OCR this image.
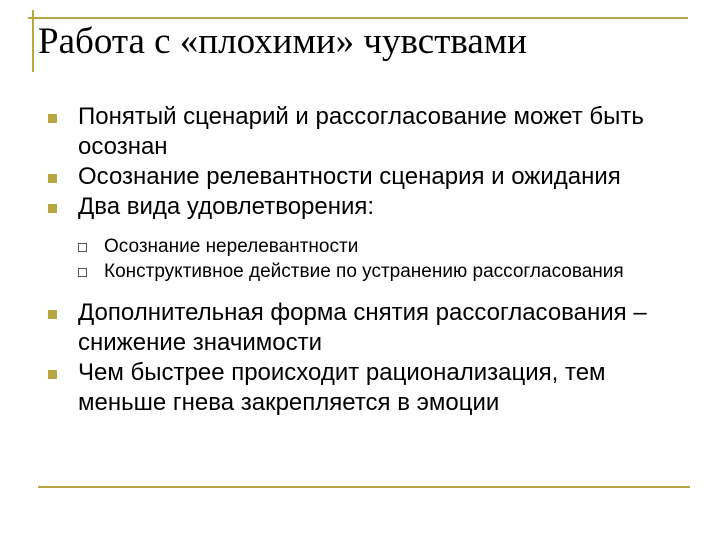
Работа с «плохими» чувствами
Понятый сценарий и рассогласование может быть осознан
Осознание релевантности сценария и ожидания
Два вида удовлетворения:
Осознание нерелевантности
Конструктивное действие по устранению рассогласования
Дополнительная форма снятия рассогласования – снижение значимости
Чем быстрее происходит рационализация, тем меньше гнева закрепляется в эмоции
